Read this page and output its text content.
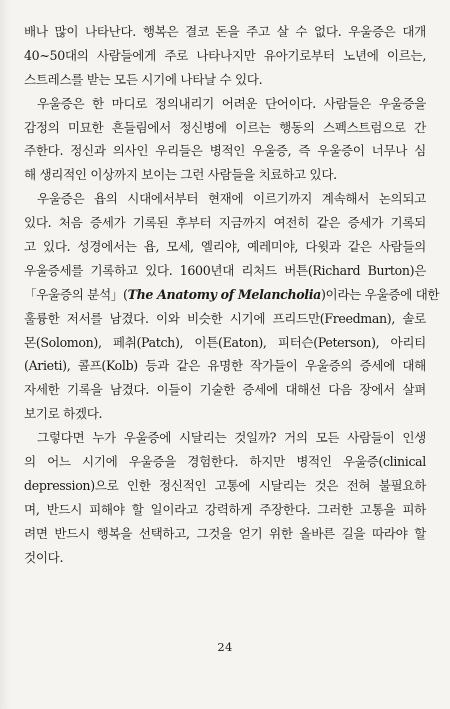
배나 많이 나타난다. 행복은 결코 돈을 주고 살 수 없다. 우울증은 대개
40~50대의 사람들에게 주로 나타나지만 유아기로부터 노년에 이르는,
스트레스를 받는 모든 시기에 나타날 수 있다.
우울증은 한 마디로 정의내리기 어려운 단어이다. 사람들은 우울증을
감정의 미묘한 흔들림에서 정신병에 이르는 행동의 스펙스트럼으로 간
주한다. 정신과 의사인 우리들은 병적인 우울증, 즉 우울증이 너무나 심
해 생리적인 이상까지 보이는 그런 사람들을 치료하고 있다.
우울증은 욥의 시대에서부터 현재에 이르기까지 계속해서 논의되고
있다. 처음 증세가 기록된 후부터 지금까지 여전히 같은 증세가 기록되
고 있다. 성경에서는 욥, 모세, 엘리야, 예레미야, 다윗과 같은 사람들의
우울증세를 기록하고 있다. 1600년대 리처드 버튼(Richard Burton)은
「우울증의 분석」(The Anatomy of Melancholia)이라는 우울증에 대한
훌륭한 저서를 남겼다. 이와 비슷한 시기에 프리드만(Freedman), 솔로
몬(Solomon), 페취(Patch), 이튼(Eaton), 피터슨(Peterson), 아리티
(Arieti), 콜프(Kolb) 등과 같은 유명한 작가들이 우울증의 증세에 대해
자세한 기록을 남겼다. 이들이 기술한 증세에 대해선 다음 장에서 살펴
보기로 하겠다.
그렇다면 누가 우울증에 시달리는 것일까? 거의 모든 사람들이 인생
의 어느 시기에 우울증을 경험한다. 하지만 병적인 우울증(clinical
depression)으로 인한 정신적인 고통에 시달리는 것은 전혀 불필요하
며, 반드시 피해야 할 일이라고 강력하게 주장한다. 그러한 고통을 피하
려면 반드시 행복을 선택하고, 그것을 얻기 위한 올바른 길을 따라야 할
것이다.
24
